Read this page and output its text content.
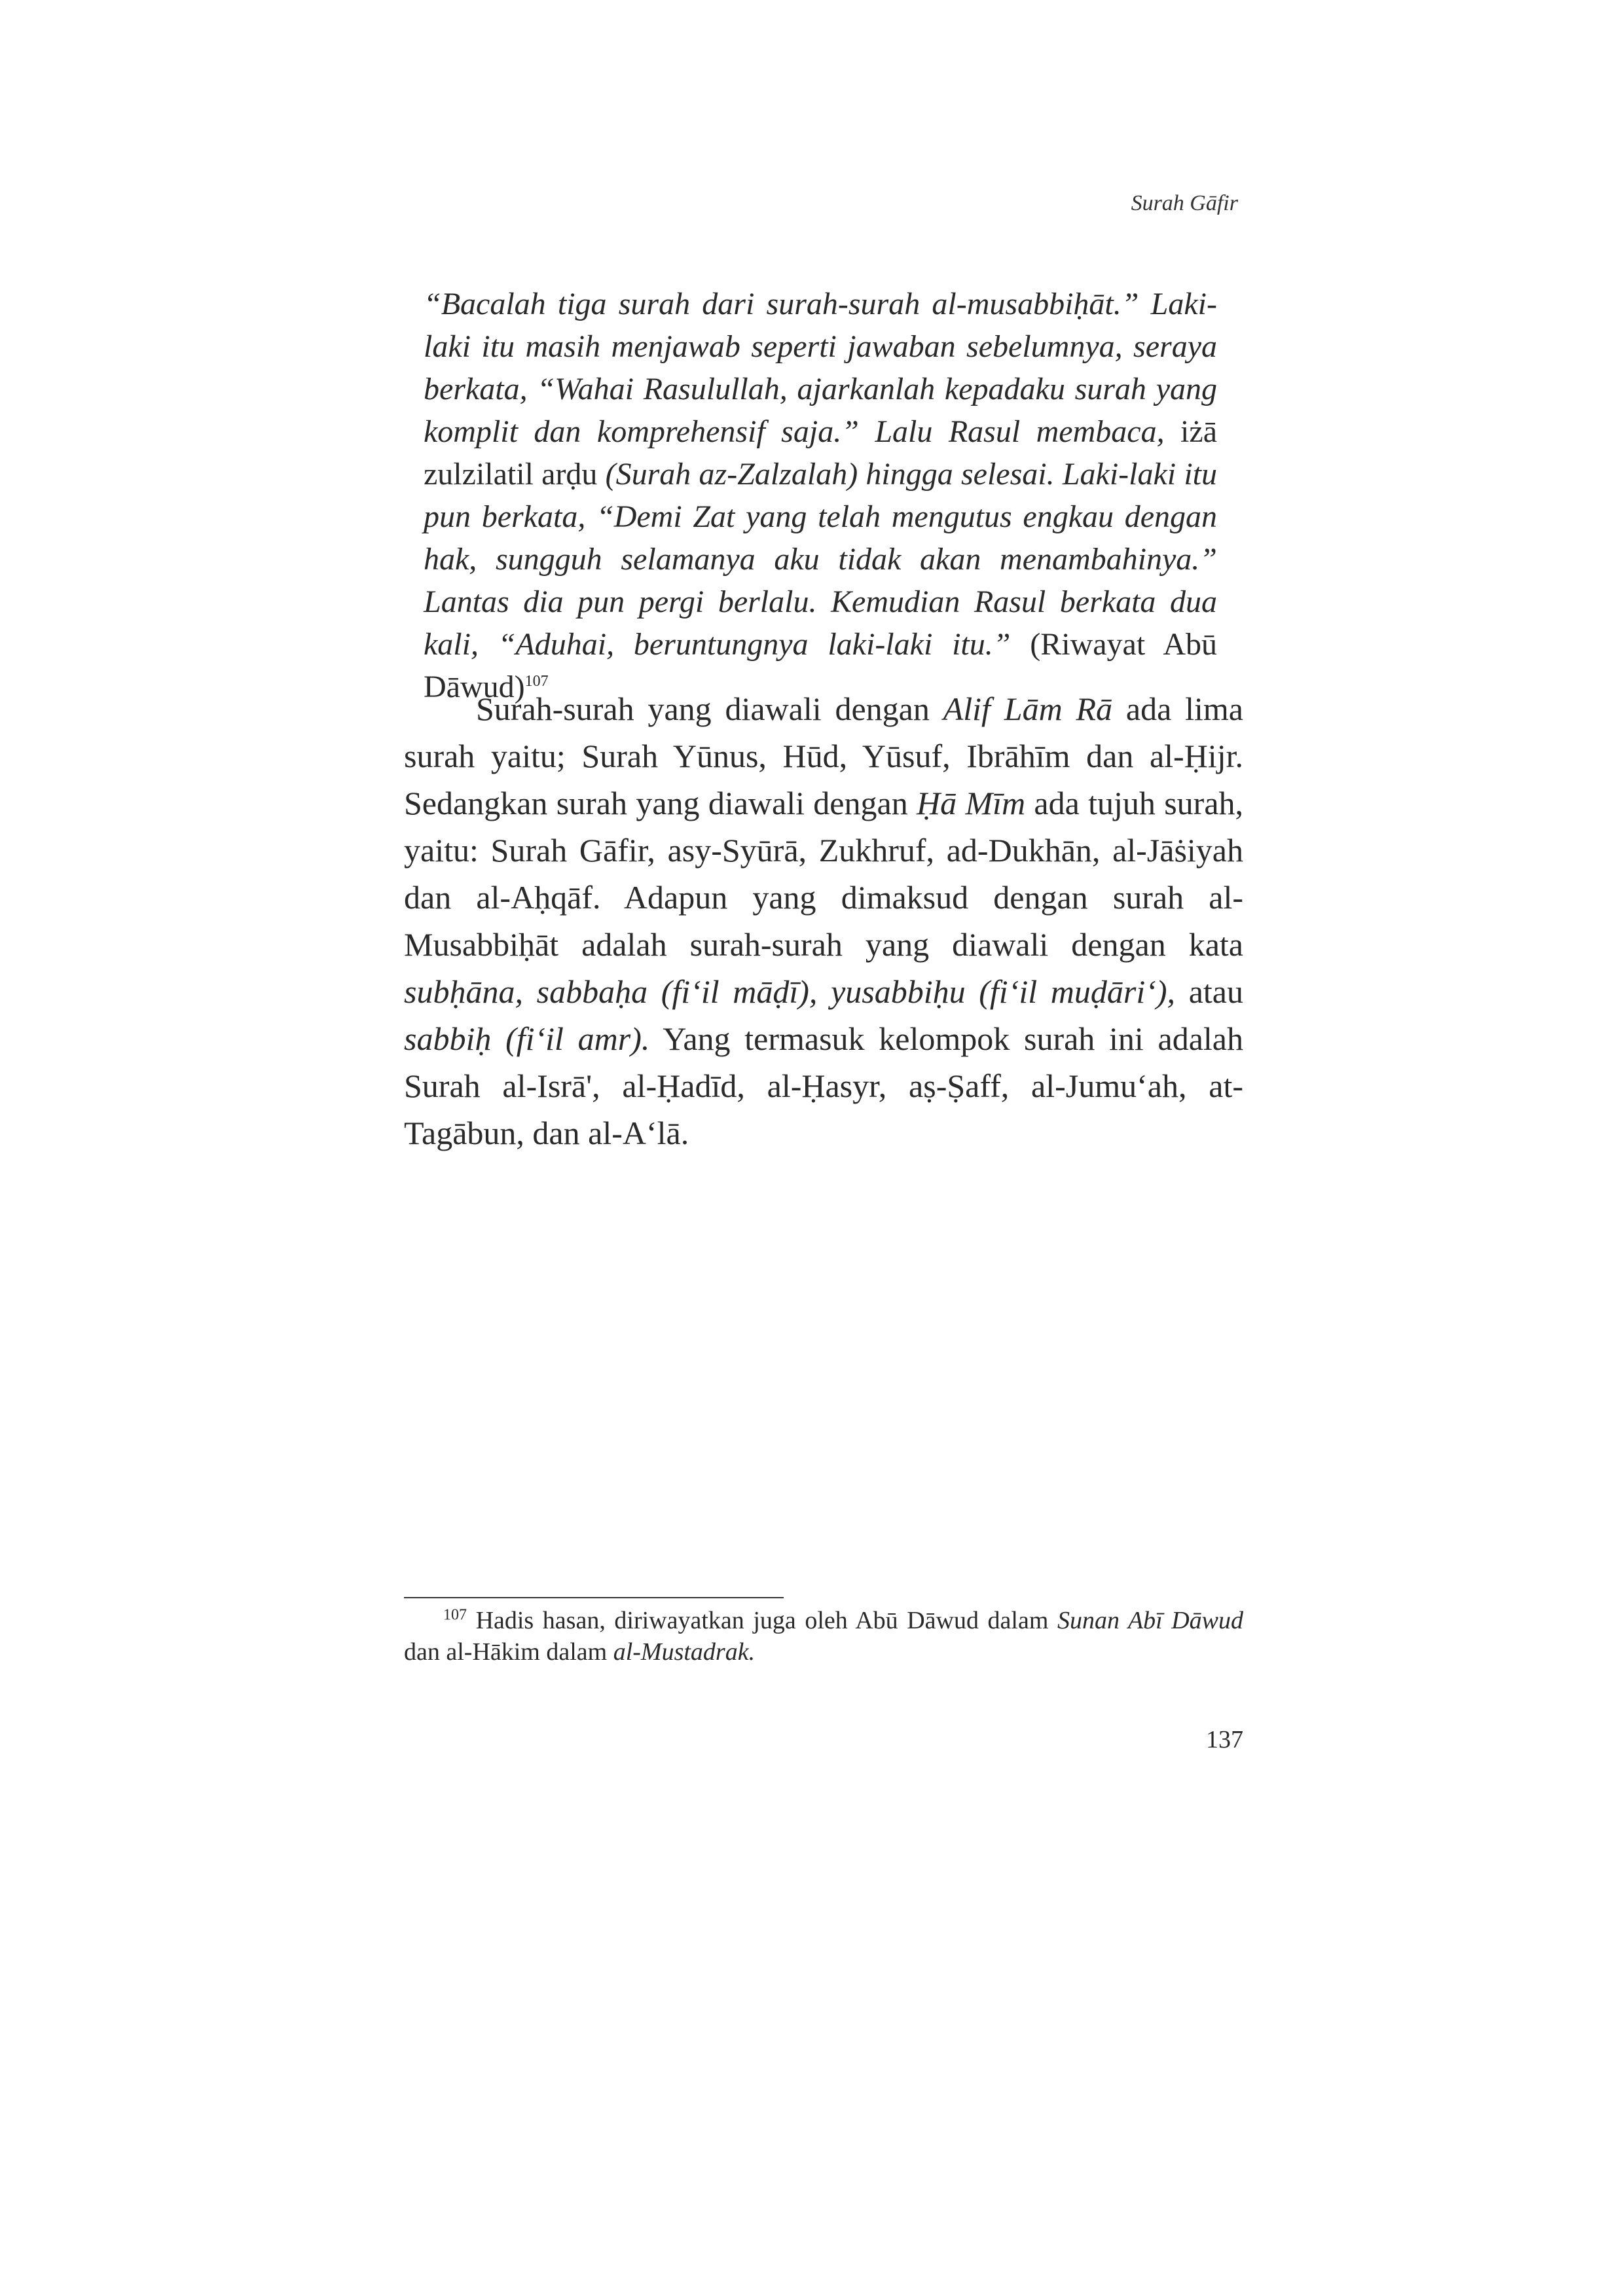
Surah Gāfir

“Bacalah tiga surah dari surah-surah al-musabbiḥāt.” Laki-laki itu masih menjawab seperti jawaban sebelumnya, seraya berkata, “Wahai Rasulullah, ajarkanlah kepadaku surah yang komplit dan komprehensif saja.” Lalu Rasul membaca, iżā zulzilatil arḍu (Surah az-Zalzalah) hingga selesai. Laki-laki itu pun berkata, “Demi Zat yang telah mengutus engkau dengan hak, sungguh selamanya aku tidak akan menambahinya.” Lantas dia pun pergi berlalu. Kemudian Rasul berkata dua kali, “Aduhai, beruntungnya laki-laki itu.” (Riwayat Abū Dāwud)$^{107}$

Surah-surah yang diawali dengan Alif Lām Rā ada lima surah yaitu; Surah Yūnus, Hūd, Yūsuf, Ibrāhīm dan al-Ḥijr. Sedangkan surah yang diawali dengan Ḥā Mīm ada tujuh surah, yaitu: Surah Gāfir, asy-Syūrā, Zukhruf, ad-Dukhān, al-Jāṡiyah dan al-Aḥqāf. Adapun yang dimaksud dengan surah al-Musabbiḥāt adalah surah-surah yang diawali dengan kata subḥāna, sabbaḥa (fi‘il māḍī), yusabbiḥu (fi‘il muḍāri‘), atau sabbiḥ (fi‘il amr). Yang termasuk kelompok surah ini adalah Surah al-Isrā', al-Ḥadīd, al-Ḥasyr, aṣ-Ṣaff, al-Jumu‘ah, at-Tagābun, dan al-A‘lā.

$^{107}$ Hadis hasan, diriwayatkan juga oleh Abū Dāwud dalam Sunan Abī Dāwud dan al-Hākim dalam al-Mustadrak.

137
